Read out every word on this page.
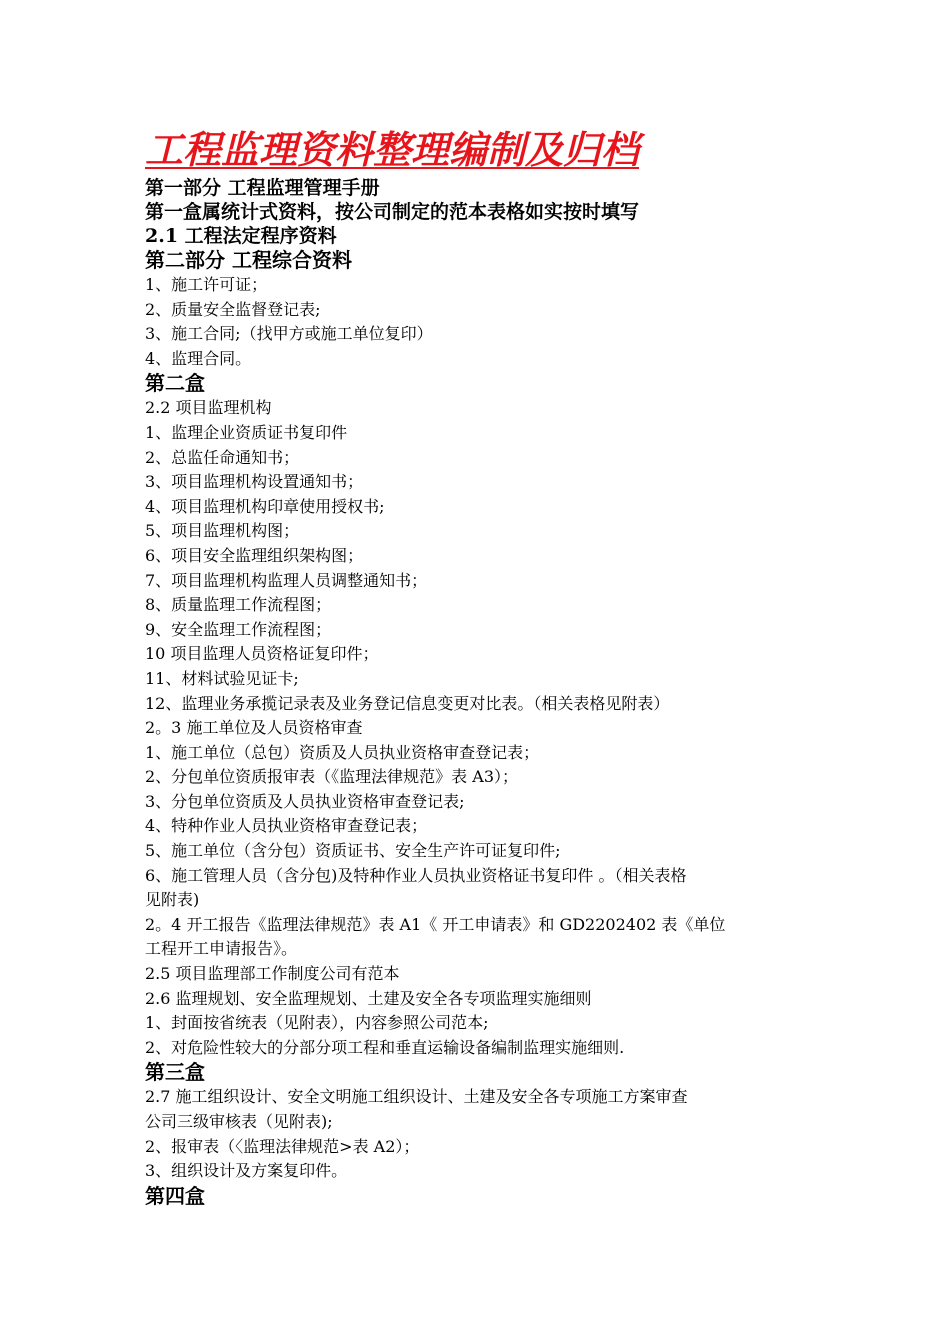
工程监理资料整理编制及归档
第一部分 工程监理管理手册
第一盒属统计式资料，按公司制定的范本表格如实按时填写
2.1 工程法定程序资料
第二部分 工程综合资料
1、施工许可证；
2、质量安全监督登记表;
3、施工合同;（找甲方或施工单位复印）
4、监理合同。
第二盒
2.2 项目监理机构
1、监理企业资质证书复印件
2、总监任命通知书；
3、项目监理机构设置通知书；
4、项目监理机构印章使用授权书;
5、项目监理机构图；
6、项目安全监理组织架构图；
7、项目监理机构监理人员调整通知书；
8、质量监理工作流程图；
9、安全监理工作流程图；
10 项目监理人员资格证复印件；
11、材料试验见证卡;
12、监理业务承揽记录表及业务登记信息变更对比表。（相关表格见附表）
2。3 施工单位及人员资格审查
1、施工单位（总包）资质及人员执业资格审查登记表；
2、分包单位资质报审表（《监理法律规范》表 A3）；
3、分包单位资质及人员执业资格审查登记表;
4、特种作业人员执业资格审查登记表；
5、施工单位（含分包）资质证书、安全生产许可证复印件;
6、施工管理人员（含分包)及特种作业人员执业资格证书复印件 。（相关表格
见附表)
2。4 开工报告《监理法律规范》表 A1《 开工申请表》和 GD2202402 表《单位
工程开工申请报告》。
2.5 项目监理部工作制度公司有范本
2.6 监理规划、安全监理规划、土建及安全各专项监理实施细则
1、封面按省统表（见附表），内容参照公司范本;
2、对危险性较大的分部分项工程和垂直运输设备编制监理实施细则.
第三盒
2.7 施工组织设计、安全文明施工组织设计、土建及安全各专项施工方案审查
公司三级审核表（见附表);
2、报审表（〈监理法律规范>表 A2）；
3、组织设计及方案复印件。
第四盒
